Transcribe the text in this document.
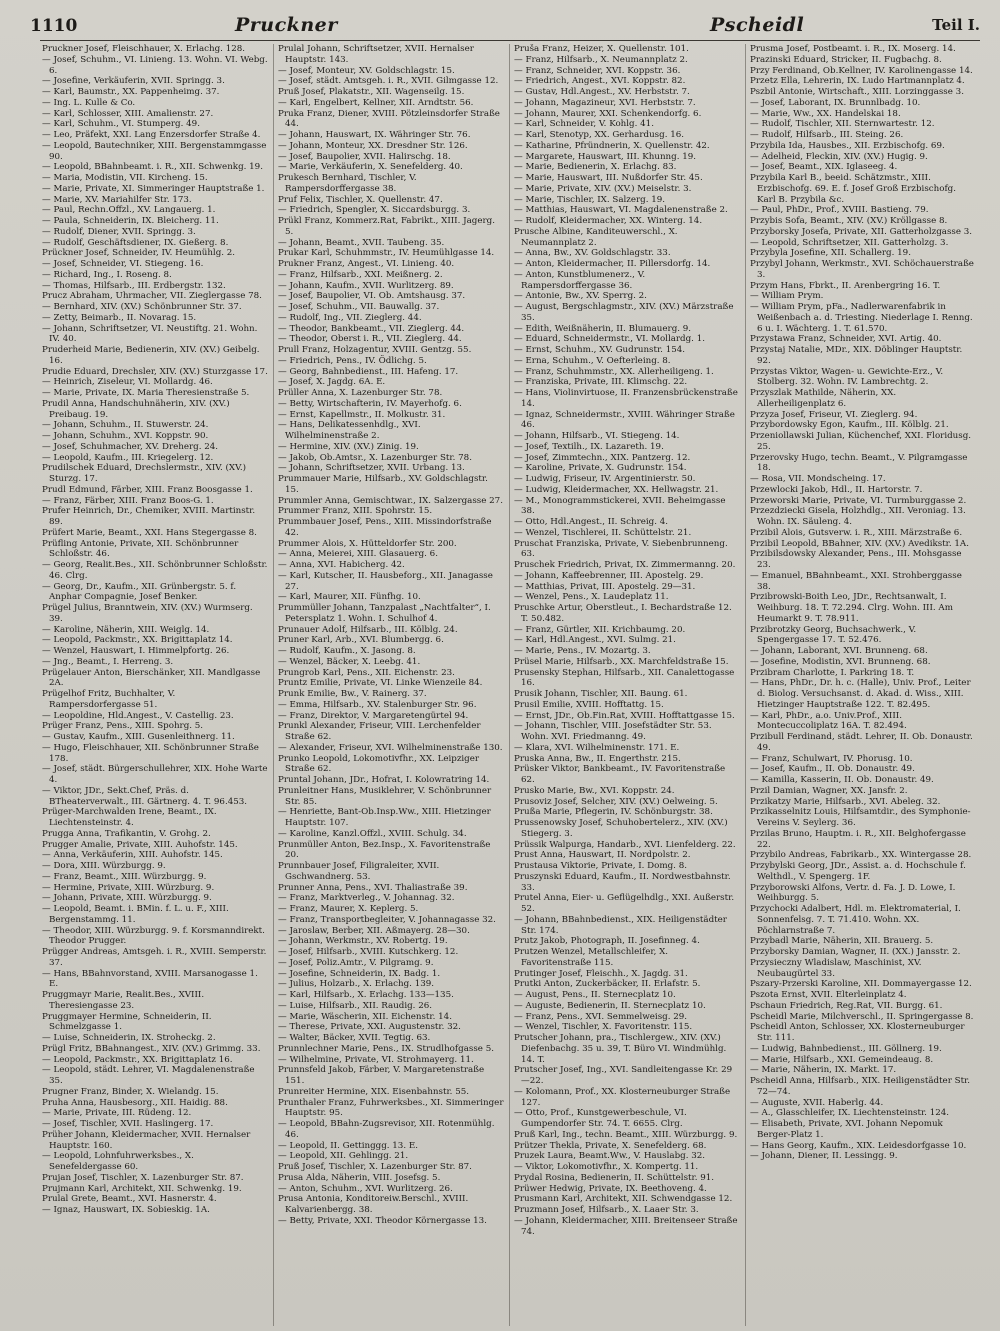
1110	Pruckner	Pscheidl	Teil I.
Pruckner Josef, Fleischhauer, X. Erlachg. 128.
— Josef, Schuhm., VI. Linieng. 13. Wohn. VI. Webg. 6.
— Josefine, Verkäuferin, XVII. Springg. 3.
— Karl, Baumstr., XX. Pappenheimg. 37.
— Ing. L. Kulle & Co.
— Karl, Schlosser, XIII. Amalienstr. 27.
— Karl, Schuhm., VI. Stumperg. 49.
— Leo, Präfekt, XXI. Lang Enzersdorfer Straße 4.
— Leopold, Bautechniker, XIII. Bergenstammgasse 90.
— Leopold, BBahnbeamt. i. R., XII. Schwenkg. 19.
— Maria, Modistin, VII. Kircheng. 15.
— Marie, Private, XI. Simmeringer Hauptstraße 1.
— Marie, XV. Mariahilfer Str. 173.
— Paul, Rechn.Offzl., XV. Langauerg. 1.
— Paula, Schneiderin, IX. Bleicherg. 11.
— Rudolf, Diener, XVII. Springg. 3.
— Rudolf, Geschäftsdiener, IX. Gießerg. 8.
Prückner Josef, Schneider, IV. Heumühlg. 2.
— Josef, Schneider, VI. Stiegeng. 16.
— Richard, Ing., I. Roseng. 8.
— Thomas, Hilfsarb., III. Erdbergstr. 132.
Prucz Abraham, Uhrmacher, VII. Zieglergasse 78.
— Bernhard, XIV. (XV.) Schönbrunner Str. 37.
— Zetty, Beimarb., II. Novarag. 15.
— Johann, Schriftsetzer, VI. Neustiftg. 21. Wohn. IV. 40.
Pruderheid Marie, Bedienerin, XIV. (XV.) Geibelg. 16.
Prudie Eduard, Drechsler, XIV. (XV.) Sturzgasse 17.
— Heinrich, Ziseleur, VI. Mollardg. 46.
— Marie, Private, IX. Maria Theresienstraße 5.
Prudil Anna, Handschuhnäherin, XIV. (XV.) Preibaug. 19.
— Johann, Schuhm., II. Stuwerstr. 24.
— Johann, Schuhm., XVI. Koppstr. 90.
— Josef, Schuhmacher, XV. Dreherg. 24.
— Leopold, Kaufm., III. Kriegelerg. 12.
Prudilschek Eduard, Drechslermstr., XIV. (XV.) Sturzg. 17.
Prudl Edmund, Färber, XIII. Franz Boosgasse 1.
— Franz, Färber, XIII. Franz Boos-G. 1.
Prufer Heinrich, Dr., Chemiker, XVIII. Martinstr. 89.
Prüfert Marie, Beamt., XXI. Hans Stegergasse 8.
Prüfling Antonie, Private, XII. Schönbrunner Schloßstr. 46.
— Georg, Realit.Bes., XII. Schönbrunner Schloßstr. 46. Clrg.
— Georg, Dr., Kaufm., XII. Grünbergstr. 5. f. Anphar Compagnie, Josef Benker.
Prügel Julius, Branntwein, XIV. (XV.) Wurmserg. 39.
— Karoline, Näherin, XIII. Weiglg. 14.
— Leopold, Packmstr., XX. Brigittaplatz 14.
— Wenzel, Hauswart, I. Himmelpfortg. 26.
— Jng., Beamt., I. Herreng. 3.
Prügelauer Anton, Bierschänker, XII. Mandlgasse 2A.
Prügelhof Fritz, Buchhalter, V. Rampersdorfergasse 51.
— Leopoldine, Hld.Angest., V. Castellig. 23.
Prüger Franz, Pens., XIII. Spohrg. 5.
— Gustav, Kaufm., XIII. Gusenleithnerg. 11.
— Hugo, Fleischhauer, XII. Schönbrunner Straße 178.
— Josef, städt. Bürgerschullehrer, XIX. Hohe Warte 4.
— Viktor, JDr., Sekt.Chef, Präs. d. BTheaterverwalt., III. Gärtnerg. 4. T. 96.453.
Prüger-Marchwalden Irene, Beamt., IX. Liechtensteinstr. 4.
Prugga Anna, Trafikantin, V. Grohg. 2.
Prugger Amalie, Private, XIII. Auhofstr. 145.
— Anna, Verkäuferin, XIII. Auhofstr. 145.
— Dora, XIII. Würzburgg. 9.
— Franz, Beamt., XIII. Würzburgg. 9.
— Hermine, Private, XIII. Würzburg. 9.
— Johann, Private, XIII. Würzburgg. 9.
— Leopold, Beamt. i. BMin. f. L. u. F., XIII. Bergenstammg. 11.
— Theodor, XIII. Würzburgg. 9. f. Korsmanndirekt. Theodor Prugger.
Prügger Andreas, Amtsgeh. i. R., XVIII. Semperstr. 37.
— Hans, BBahnvorstand, XVIII. Marsanogasse 1. E.
Pruggmayr Marie, Realit.Bes., XVIII. Theresiengasse 23.
Pruggmayer Hermine, Schneiderin, II. Schmelzgasse 1.
— Luise, Schneiderin, IX. Stroheckg. 2.
Prügl Fritz, BBahnangest., XIV. (XV.) Grimmg. 33.
— Leopold, Packmstr., XX. Brigittaplatz 16.
— Leopold, städt. Lehrer, VI. Magdalenenstraße 35.
Prugner Franz, Binder, X. Wielandg. 15.
Pruha Anna, Hausbesorg., XII. Haidig. 88.
— Marie, Private, III. Rüdeng. 12.
— Josef, Tischler, XVII. Haslingerg. 17.
Prüher Johann, Kleidermacher, XVII. Hernalser Hauptstr. 160.
— Leopold, Lohnfuhrwerksbes., X. Senefeldergasse 60.
Prujan Josef, Tischler, X. Lazenburger Str. 87.
Prujmann Karl, Architekt, XII. Schwenkg. 19.
Prulal Grete, Beamt., XVI. Hasnerstr. 4.
— Ignaz, Hauswart, IX. Sobieskig. 1A.
Prulal Johann, Schriftsetzer, XVII. Hernalser Hauptstr. 143.
— Josef, Monteur, XV. Goldschlagstr. 15.
— Josef, städt. Amtsgeh. i. R., XVII. Gilmgasse 12.
Pruß Josef, Plakatstr., XII. Wagenseilg. 15.
— Karl, Engelbert, Kellner, XII. Arndtstr. 56.
Pruka Franz, Diener, XVIII. Pötzleinsdorfer Straße 44.
— Johann, Hauswart, IX. Währinger Str. 76.
— Johann, Monteur, XX. Dresdner Str. 126.
— Josef, Baupolier, XVII. Halirschg. 18.
— Marie, Verkäuferin, X. Senefelderg. 40.
Prukesch Bernhard, Tischler, V. Rampersdorffergasse 38.
Pruf Felix, Tischler, X. Quellenstr. 47.
— Friedrich, Spengler, X. Siccardsburgg. 3.
Prükl Franz, Kommerz.Rat, Fabrikt., XIII. Jagerg. 5.
— Johann, Beamt., XVII. Taubeng. 35.
Prukar Karl, Schuhmmstr., IV. Heumühlgasse 14.
Prukner Franz, Angest., VI. Linieng. 40.
— Franz, Hilfsarb., XXI. Meißnerg. 2.
— Johann, Kaufm., XVII. Wurlitzerg. 89.
— Josef, Baupolier, VI. Ob. Amtshausg. 37.
— Josef, Schuhm., VII. Bauwallg. 37.
— Rudolf, Ing., VII. Zieglerg. 44.
— Theodor, Bankbeamt., VII. Zieglerg. 44.
— Theodor, Oberst i. R., VII. Zieglerg. 44.
Prull Franz, Holzagentur, XVIII. Gentzg. 55.
— Friedrich, Pens., IV. Ödlichg. 5.
— Georg, Bahnbedienst., III. Hafeng. 17.
— Josef, X. Jagdg. 6A. E.
Prüller Anna, X. Lazenburger Str. 78.
— Betty, Wirtschafterin, IV. Mayerhofg. 6.
— Ernst, Kapellmstr., II. Molkustr. 31.
— Hans, Delikatessenhdlg., XVI. Wilhelminenstraße 2.
— Hermine, XIV. (XV.) Zinig. 19.
— Jakob, Ob.Amtsr., X. Lazenburger Str. 78.
— Johann, Schriftsetzer, XVII. Urbang. 13.
Prummauer Marie, Hilfsarb., XV. Goldschlagstr. 15.
Prummler Anna, Gemischtwar., IX. Salzergasse 27.
Prummer Franz, XIII. Spohrstr. 15.
Prummbauer Josef, Pens., XIII. Missindorfstraße 42.
Prummer Alois, X. Hütteldorfer Str. 200.
— Anna, Meierei, XIII. Glasauerg. 6.
— Anna, XVI. Habicherg. 42.
— Karl, Kutscher, II. Hausbeforg., XII. Janagasse 27.
— Karl, Maurer, XII. Fünfhg. 10.
Prummüller Johann, Tanzpalast „Nachtfalter“, I. Petersplatz 1. Wohn. I. Schulhof 4.
Prunauer Adolf, Hilfsarb., III. Kölblg. 24.
Pruner Karl, Arb., XVI. Blumbergg. 6.
— Rudolf, Kaufm., X. Jasong. 8.
— Wenzel, Bäcker, X. Leebg. 41.
Prungrob Karl, Pens., XII. Eichenstr. 23.
Pruntz Emilie, Private, VI. Linke Wienzeile 84.
Prunk Emilie, Bw., V. Rainerg. 37.
— Emma, Hilfsarb., XV. Stalenburger Str. 96.
— Franz, Direktor, V. Margaretengürtel 94.
Prunkl Alexander, Friseur, VIII. Lerchenfelder Straße 62.
— Alexander, Friseur, XVI. Wilhelminenstraße 130.
Prunko Leopold, Lokomotivfhr., XX. Leipziger Straße 62.
Pruntal Johann, JDr., Hofrat, I. Kolowratring 14.
Prunleitner Hans, Musiklehrer, V. Schönbrunner Str. 85.
— Henriette, Bant-Ob.Insp.Ww., XIII. Hietzinger Hauptstr. 107.
— Karoline, Kanzl.Offzl., XVIII. Schulg. 34.
Prunmüller Anton, Bez.Insp., X. Favoritenstraße 20.
Prunnbauer Josef, Filigraleiter, XVII. Gschwandnerg. 53.
Prunner Anna, Pens., XVI. Thaliastraße 39.
— Franz, Marktverleg., V. Johannag. 32.
— Franz, Maurer, X. Keplerg. 5.
— Franz, Transportbegleiter, V. Johannagasse 32.
— Jaroslaw, Berber, XII. Aßmayerg. 28—30.
— Johann, Werkmstr., XV. Robertg. 19.
— Josef, Hilfsarb., XVIII. Kutschkerg. 12.
— Josef, Poliz.Amtr., V. Pilgramg. 9.
— Josefine, Schneiderin, IX. Badg. 1.
— Julius, Holzarb., X. Erlachg. 139.
— Karl, Hilfsarb., X. Erlachg. 133—135.
— Luise, Hilfsarb., XII. Raudig. 26.
— Marie, Wäscherin, XII. Eichenstr. 14.
— Therese, Private, XXI. Augustenstr. 32.
— Walter, Bäcker, XVII. Tegtig. 63.
Prunnlechner Marie, Pens., IX. Strudlhofgasse 5.
— Wilhelmine, Private, VI. Strohmayerg. 11.
Prunnsfeld Jakob, Färber, V. Margaretenstraße 151.
Prunreiter Hermine, XIX. Eisenbahnstr. 55.
Prunthaler Franz, Fuhrwerksbes., XI. Simmeringer Hauptstr. 95.
— Leopold, BBahn-Zugsrevisor, XII. Rotenmühlg. 46.
— Leopold, II. Gettinggg. 13. E.
— Leopold, XII. Gehlingg. 21.
Pruß Josef, Tischler, X. Lazenburger Str. 87.
Prusa Alda, Näherin, VIII. Josefsg. 5.
— Anton, Schuhm., XVI. Wurlitzerg. 26.
Prusa Antonia, Konditoreiw.Berschl., XVIII. Kalvarienbergg. 38.
— Betty, Private, XXI. Theodor Körnergasse 13.
Pruša Franz, Heizer, X. Quellenstr. 101.
— Franz, Hilfsarb., X. Neumannplatz 2.
— Franz, Schneider, XVI. Koppstr. 36.
— Friedrich, Angest., XVI. Koppstr. 82.
— Gustav, Hdl.Angest., XV. Herbststr. 7.
— Johann, Magazineur, XVI. Herbststr. 7.
— Johann, Maurer, XXI. Schenkendorfg. 6.
— Karl, Schneider, V. Kohlg. 41.
— Karl, Stenotyp, XX. Gerhardusg. 16.
— Katharine, Pfründnerin, X. Quellenstr. 42.
— Margarete, Hauswart, III. Khunng. 19.
— Marie, Bedienerin, X. Erlachg. 83.
— Marie, Hauswart, III. Nußdorfer Str. 45.
— Marie, Private, XIV. (XV.) Meiselstr. 3.
— Marie, Tischler, IX. Salzerg. 19.
— Matthias, Hauswart, VI. Magdalenenstraße 2.
— Rudolf, Kleidermacher, XX. Winterg. 14.
Prusche Albine, Kanditeuwerschl., X. Neumannplatz 2.
— Anna, Bw., XV. Goldschlagstr. 33.
— Anton, Kleidermacher, II. Pillersdorfg. 14.
— Anton, Kunstblumenerz., V. Rampersdorffergasse 36.
— Antonie, Bw., XV. Sperrg. 2.
— August, Bergschlagmstr., XIV. (XV.) Märzstraße 35.
— Edith, Weißnäherin, II. Blumauerg. 9.
— Eduard, Schneidermstr., VI. Mollardg. 1.
— Ernst, Schuhm., XV. Gudrunstr. 154.
— Erna, Schuhm., V. Oefterleing. 8.
— Franz, Schuhmmstr., XX. Allerheiligeng. 1.
— Franziska, Private, III. Klimschg. 22.
— Hans, Violinvirtuose, II. Franzensbrückenstraße 14.
— Ignaz, Schneidermstr., XVIII. Währinger Straße 46.
— Johann, Hilfsarb., VI. Stiegeng. 14.
— Josef, Textilh., IX. Lazareth. 19.
— Josef, Zimmtechn., XIX. Pantzerg. 12.
— Karoline, Private, X. Gudrunstr. 154.
— Ludwig, Friseur, IV. Argentinierstr. 50.
— Ludwig, Kleidermacher, XX. Hellwagstr. 21.
— M., Monogrammstickerei, XVII. Beheimgasse 38.
— Otto, Hdl.Angest., II. Schreig. 4.
— Wenzel, Tischlerei, II. Schüttelstr. 21.
Pruschat Franziska, Private, V. Siebenbrunneng. 63.
Pruschek Friedrich, Privat, IX. Zimmermanng. 20.
— Johann, Kaffeebrenner, III. Apostelg. 29.
— Matthias, Privat, III. Apostelg. 29—31.
— Wenzel, Pens., X. Laudeplatz 11.
Pruschke Artur, Oberstleut., I. Bechardstraße 12. T. 50.482.
— Franz, Gürtler, XII. Krichbaumg. 20.
— Karl, Hdl.Angest., XVI. Sulmg. 21.
— Marie, Pens., IV. Mozartg. 3.
Prüsel Marie, Hilfsarb., XX. Marchfeldstraße 15.
Prusensky Stephan, Hilfsarb., XII. Canalettogasse 16.
Prusik Johann, Tischler, XII. Baung. 61.
Prusil Emilie, XVIII. Hofftattg. 15.
— Ernst, JDr., Ob.Fin.Rat, XVIII. Hofftattgasse 15.
— Johann, Tischler, VIII. Josefstädter Str. 53. Wohn. XVI. Friedmanng. 49.
— Klara, XVI. Wilhelminenstr. 171. E.
Pruska Anna, Bw., II. Engerthstr. 215.
Prüsker Viktor, Bankbeamt., IV. Favoritenstraße 62.
Prusko Marie, Bw., XVI. Koppstr. 24.
Prusoviz Josef, Selcher, XIV. (XV.) Oelweing. 5.
Prußa Marie, Pflegerin, IV. Schönburgstr. 38.
Prussenowsky Josef, Schuhobertelerz., XIV. (XV.) Stiegerg. 3.
Prüssik Walpurga, Handarb., XVI. Lienfelderg. 22.
Prust Anna, Hauswart, II. Nordpolstr. 2.
Prustausa Viktorie, Private, I. Domg. 8.
Pruszynski Eduard, Kaufm., II. Nordwestbahnstr. 33.
Prutel Anna, Eier- u. Geflügelhdlg., XXI. Außerstr. 52.
— Johann, BBahnbedienst., XIX. Heiligenstädter Str. 174.
Prutz Jakob, Photograph, II. Josefinneg. 4.
Prutzen Wenzel, Metallschleifer, X. Favoritenstraße 115.
Prutinger Josef, Fleischh., X. Jagdg. 31.
Prutki Anton, Zuckerbäcker, II. Erlafstr. 5.
— August, Pens., II. Sternecplatz 10.
— Auguste, Bedienerin, II. Sternecplatz 10.
— Franz, Pens., XVI. Semmelweisg. 29.
— Wenzel, Tischler, X. Favoritenstr. 115.
Prutscher Johann, pra., Tischlergew., XIV. (XV.) Diefenbachg. 35 u. 39, T. Büro VI. Windmühlg. 14. T.
Prutscher Josef, Ing., XVI. Sandleitengasse Kr. 29—22.
— Kolomann, Prof., XX. Klosterneuburger Straße 127.
— Otto, Prof., Kunstgewerbeschule, VI. Gumpendorfer Str. 74. T. 6655. Clrg.
Pruß Karl, Ing., techn. Beamt., XIII. Würzburgg. 9.
Prützer Thekla, Private, X. Senefelderg. 68.
Pruzek Laura, Beamt.Ww., V. Hauslabg. 32.
— Viktor, Lokomotivfhr., X. Kompertg. 11.
Prydal Rosina, Bedienerin, II. Schüttelstr. 91.
Prüwer Hedwig, Private, IX. Beethoveng. 4.
Prusmann Karl, Architekt, XII. Schwendgasse 12.
Pruzmann Josef, Hilfsarb., X. Laaer Str. 3.
— Johann, Kleidermacher, XIII. Breitenseer Straße 74.
Prusma Josef, Postbeamt. i. R., IX. Moserg. 14.
Prazinski Eduard, Stricker, II. Fugbachg. 8.
Przy Ferdinand, Ob.Kellner, IV. Karolinengasse 14.
Przetz Ella, Lehrerin, IX. Ludo Hartmannplatz 4.
Pszbil Antonie, Wirtschaft., XIII. Lorzinggasse 3.
— Josef, Laborant, IX. Brunnlbadg. 10.
— Marie, Ww., XX. Handelskai 18.
— Rudolf, Tischler, XII. Sternwartestr. 12.
— Rudolf, Hilfsarb., III. Steing. 26.
Przybila Ida, Hausbes., XII. Erzbischofg. 69.
— Adelheid, Fleckin, XIV. (XV.) Hugig. 9.
— Josef, Beamt., XIX. Iglaseeg. 4.
Przybila Karl B., beeid. Schätzmstr., XIII. Erzbischofg. 69. E. f. Josef Groß Erzbischofg. Karl B. Przybila &c.
— Paul, PhDr., Prof., XVIII. Bastieng. 79.
Przybis Sofa, Beamt., XIV. (XV.) Kröllgasse 8.
Przyborsky Josefa, Private, XII. Gatterholzgasse 3.
— Leopold, Schriftsetzer, XII. Gatterholzg. 3.
Przybyla Josefine, XII. Schallerg. 19.
Przybyl Johann, Werkmstr., XVI. Schöchauerstraße 3.
Przym Hans, Fbrkt., II. Arenbergring 16. T.
— William Prym.
— William Prym, pFa., Nadlerwarenfabrik in Weißenbach a. d. Triesting. Niederlage I. Renng. 6 u. I. Wächterg. 1. T. 61.570.
Przystawa Franz, Schneider, XVI. Artig. 40.
Przystaj Natalie, MDr., XIX. Döblinger Hauptstr. 92.
Przystas Viktor, Wagen- u. Gewichte-Erz., V. Stolberg. 32. Wohn. IV. Lambrechtg. 2.
Przyszlak Mathilde, Näherin, XX. Allerheiligenplatz 6.
Przyza Josef, Friseur, VI. Zieglerg. 94.
Przybordowsky Egon, Kaufm., III. Kölblg. 21.
Przeniollawski Julian, Küchenchef, XXI. Floridusg. 25.
Przerovsky Hugo, techn. Beamt., V. Pilgramgasse 18.
— Rosa, VII. Mondscheing. 17.
Przewlocki Jakob, Hdl., II. Hartorstr. 7.
Przeworski Marie, Private, VI. Turmburggasse 2.
Przezdziecki Gisela, Holzhdlg., XII. Veroniag. 13. Wohn. IX. Säuleng. 4.
Przibil Alois, Gutsverw. i. R., XIII. Märzstraße 6.
Przibil Leopold, BBahner, XIV. (XV.) Avedikstr. 1A.
Przibilsdowsky Alexander, Pens., III. Mohsgasse 23.
— Emanuel, BBahnbeamt., XXI. Strohberggasse 38.
Przibrowski-Boith Leo, JDr., Rechtsanwalt, I. Weihburg. 18. T. 72.294. Clrg. Wohn. III. Am Heumarkt 9. T. 78.911.
Przibrotzky Georg, Buchsachwerk., V. Spengergasse 17. T. 52.476.
— Johann, Laborant, XVI. Brunneng. 68.
— Josefine, Modistin, XVI. Brunneng. 68.
Przibram Charlotte, I. Parkring 18. T.
— Hans, PhDr., Dr. h. c. (Halle), Univ. Prof., Leiter d. Biolog. Versuchsanst. d. Akad. d. Wiss., XIII. Hietzinger Hauptstraße 122. T. 82.495.
— Karl, PhDr., a.o. Univ.Prof., XIII. Montecuccoliplatz 16A. T. 82.494.
Przibull Ferdinand, städt. Lehrer, II. Ob. Donaustr. 49.
— Franz, Schulwart, IV. Phorusg. 10.
— Josef, Kaufm., II. Ob. Donaustr. 49.
— Kamilla, Kasserin, II. Ob. Donaustr. 49.
Przil Damian, Wagner, XX. Jansfr. 2.
Przikatzy Marie, Hilfsarb., XVI. Abeleg. 32.
Przikasselnitz Louis, Hilfsamtdir., des Symphonie-Vereins V. Seylerg. 36.
Przilas Bruno, Hauptm. i. R., XII. Belghofergasse 22.
Przybilo Andreas, Fabrikarb., XX. Wintergasse 28.
Przybylski Georg, JDr., Assist. a. d. Hochschule f. Welthdl., V. Spengerg. 1F.
Przyborowski Alfons, Vertr. d. Fa. J. D. Lowe, I. Weihburgg. 5.
Przychocki Adalbert, Hdl. m. Elektromaterial, I. Sonnenfelsg. 7. T. 71.410. Wohn. XX. Pöchlarnstraße 7.
Przybadl Marie, Näherin, XII. Brauerg. 5.
Przyborsky Damian, Wagner, II. (XX.) Jansstr. 2.
Przysieczny Wladislaw, Maschinist, XV. Neubaugürtel 33.
Pszary-Przerski Karoline, XII. Dommayergasse 12.
Pszota Ernst, XVII. Elterleinplatz 4.
Pschaun Friedrich, Reg.Rat, VII. Burgg. 61.
Pscheidl Marie, Milchverschl., II. Springergasse 8.
Pscheidl Anton, Schlosser, XX. Klosterneuburger Str. 111.
— Ludwig, Bahnbedienst., III. Göllnerg. 19.
— Marie, Hilfsarb., XXI. Gemeindeaug. 8.
— Marie, Näherin, IX. Markt. 17.
Pscheidl Anna, Hilfsarb., XIX. Heiligenstädter Str. 72—74.
— Auguste, XVII. Haberlg. 44.
— A., Glasschleifer, IX. Liechtensteinstr. 124.
— Elisabeth, Private, XVI. Johann Nepomuk Berger-Platz 1.
— Hans Georg, Kaufm., XIX. Leidesdorfgasse 10.
— Johann, Diener, II. Lessingg. 9.
